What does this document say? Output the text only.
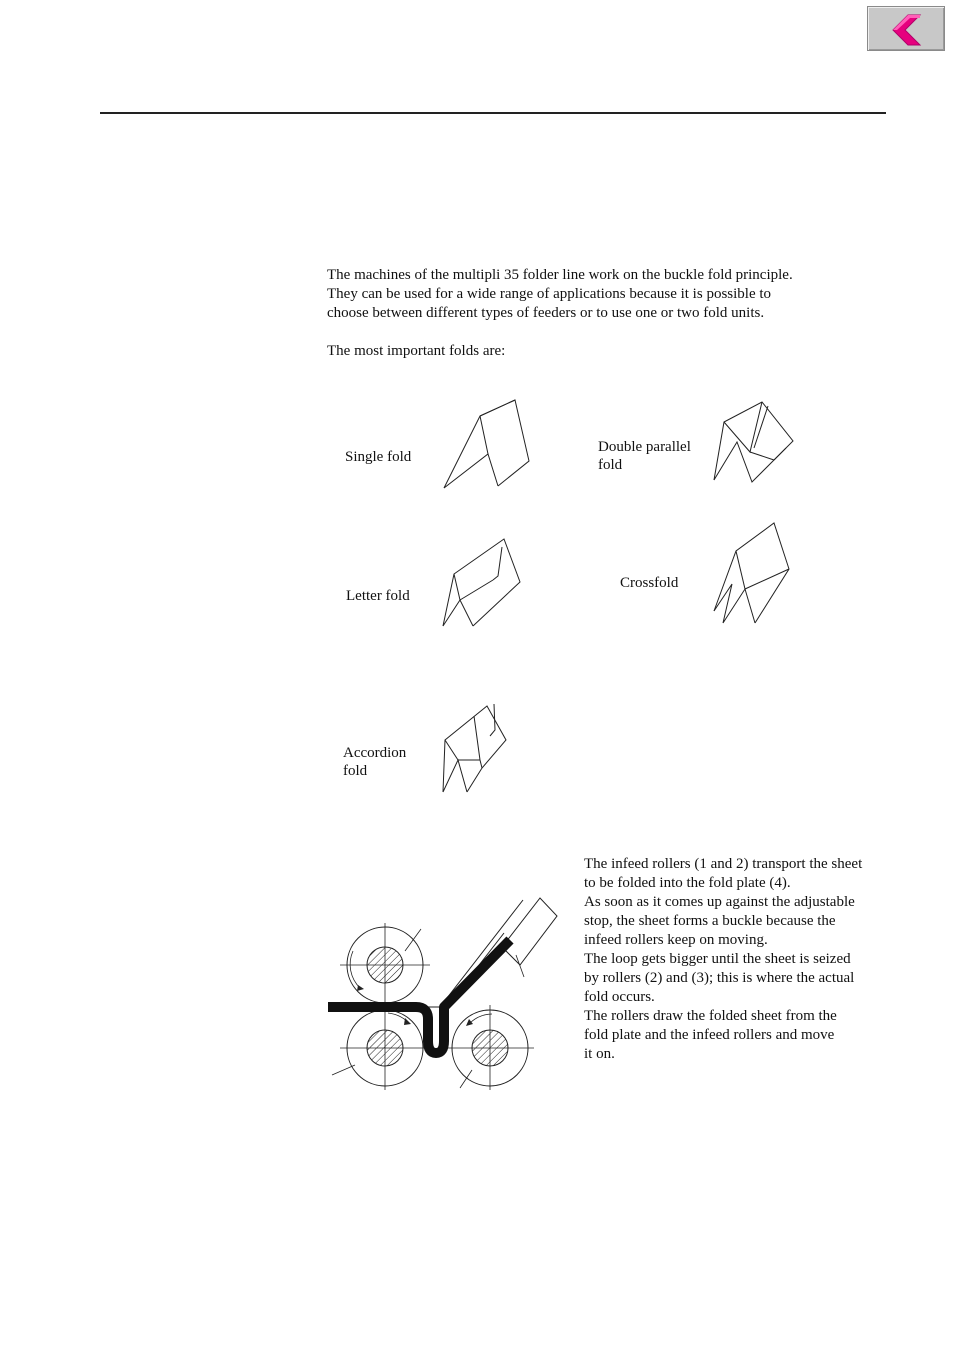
The machines of the multipli 35 folder line work on the buckle fold principle.
They can be used for a wide range of applications because it is possible to
choose between different types of feeders or to use one or two fold units.

The most important folds are:

Single fold
Double parallel
fold
Letter fold
Crossfold
Accordion
fold

The infeed rollers (1 and 2) transport the sheet
to be folded into the fold plate (4).
As soon as it comes up against the adjustable
stop, the sheet forms a buckle because the
infeed rollers keep on moving.
The loop gets bigger until the sheet is seized
by rollers (2) and (3); this is where the actual
fold occurs.
The rollers draw the folded sheet from the
fold plate and the infeed rollers and move
it on.
